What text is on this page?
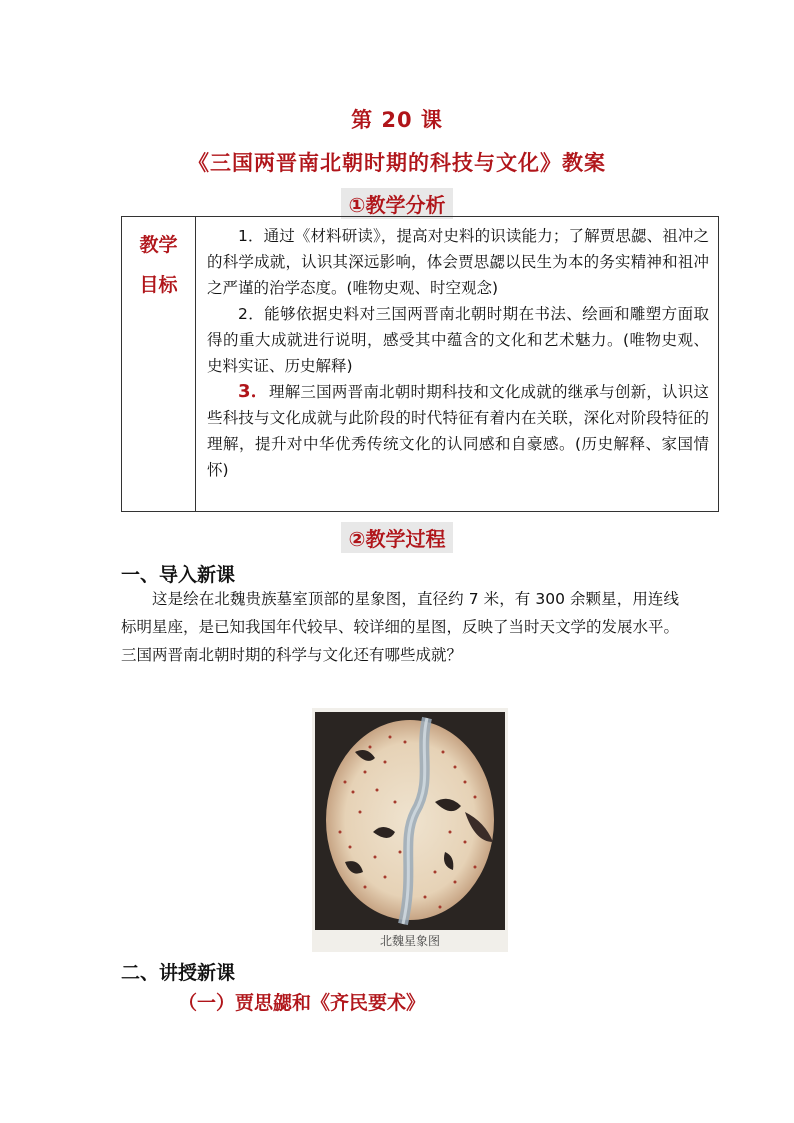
第 20 课
《三国两晋南北朝时期的科技与文化》教案
①教学分析
教学
目标

1．通过《材料研读》，提高对史料的识读能力；了解贾思勰、祖冲之的科学成就，认识其深远影响，体会贾思勰以民生为本的务实精神和祖冲之严谨的治学态度。(唯物史观、时空观念)

2．能够依据史料对三国两晋南北朝时期在书法、绘画和雕塑方面取得的重大成就进行说明，感受其中蕴含的文化和艺术魅力。(唯物史观、史料实证、历史解释)

3．理解三国两晋南北朝时期科技和文化成就的继承与创新，认识这些科技与文化成就与此阶段的时代特征有着内在关联，深化对阶段特征的理解，提升对中华优秀传统文化的认同感和自豪感。(历史解释、家国情怀)

②教学过程
一、导入新课

这是绘在北魏贵族墓室顶部的星象图，直径约 7 米，有 300 余颗星，用连线标明星座，是已知我国年代较早、较详细的星图，反映了当时天文学的发展水平。三国两晋南北朝时期的科学与文化还有哪些成就？

北魏星象图
二、讲授新课
（一）贾思勰和《齐民要术》
